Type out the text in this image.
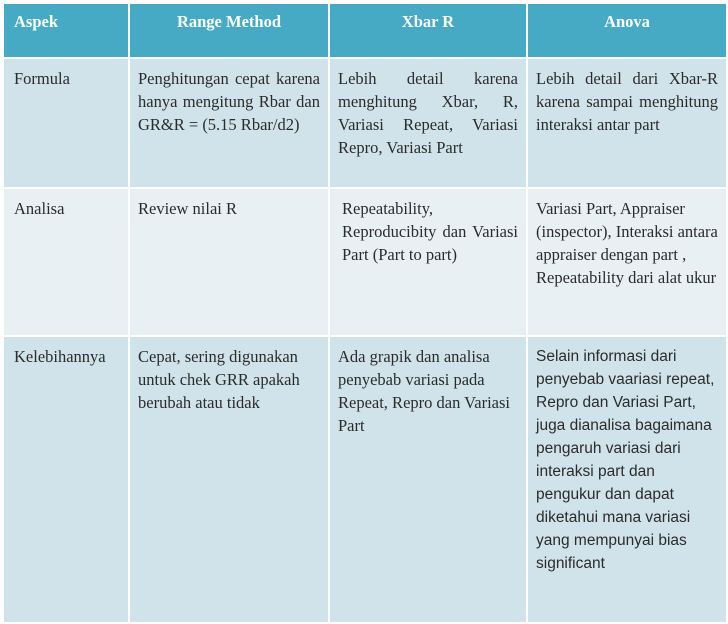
Aspek	Range Method	Xbar R	Anova
Formula	Penghitungan cepat karena hanya mengitung Rbar dan GR&R = (5.15 Rbar/d2)	Lebih detail karena menghitung Xbar, R, Variasi Repeat, Variasi Repro, Variasi Part	Lebih detail dari Xbar-R karena sampai menghitung interaksi antar part
Analisa	Review nilai R	Repeatability, Reproducibity dan Variasi Part (Part to part)	Variasi Part, Appraiser (inspector), Interaksi antara appraiser dengan part , Repeatability dari alat ukur
Kelebihannya	Cepat, sering digunakan untuk chek GRR apakah berubah atau tidak	Ada grapik dan analisa penyebab variasi pada Repeat, Repro dan Variasi Part	Selain informasi dari penyebab vaariasi repeat, Repro dan Variasi Part, juga dianalisa bagaimana pengaruh variasi dari interaksi part dan pengukur dan dapat diketahui mana variasi yang mempunyai bias significant
